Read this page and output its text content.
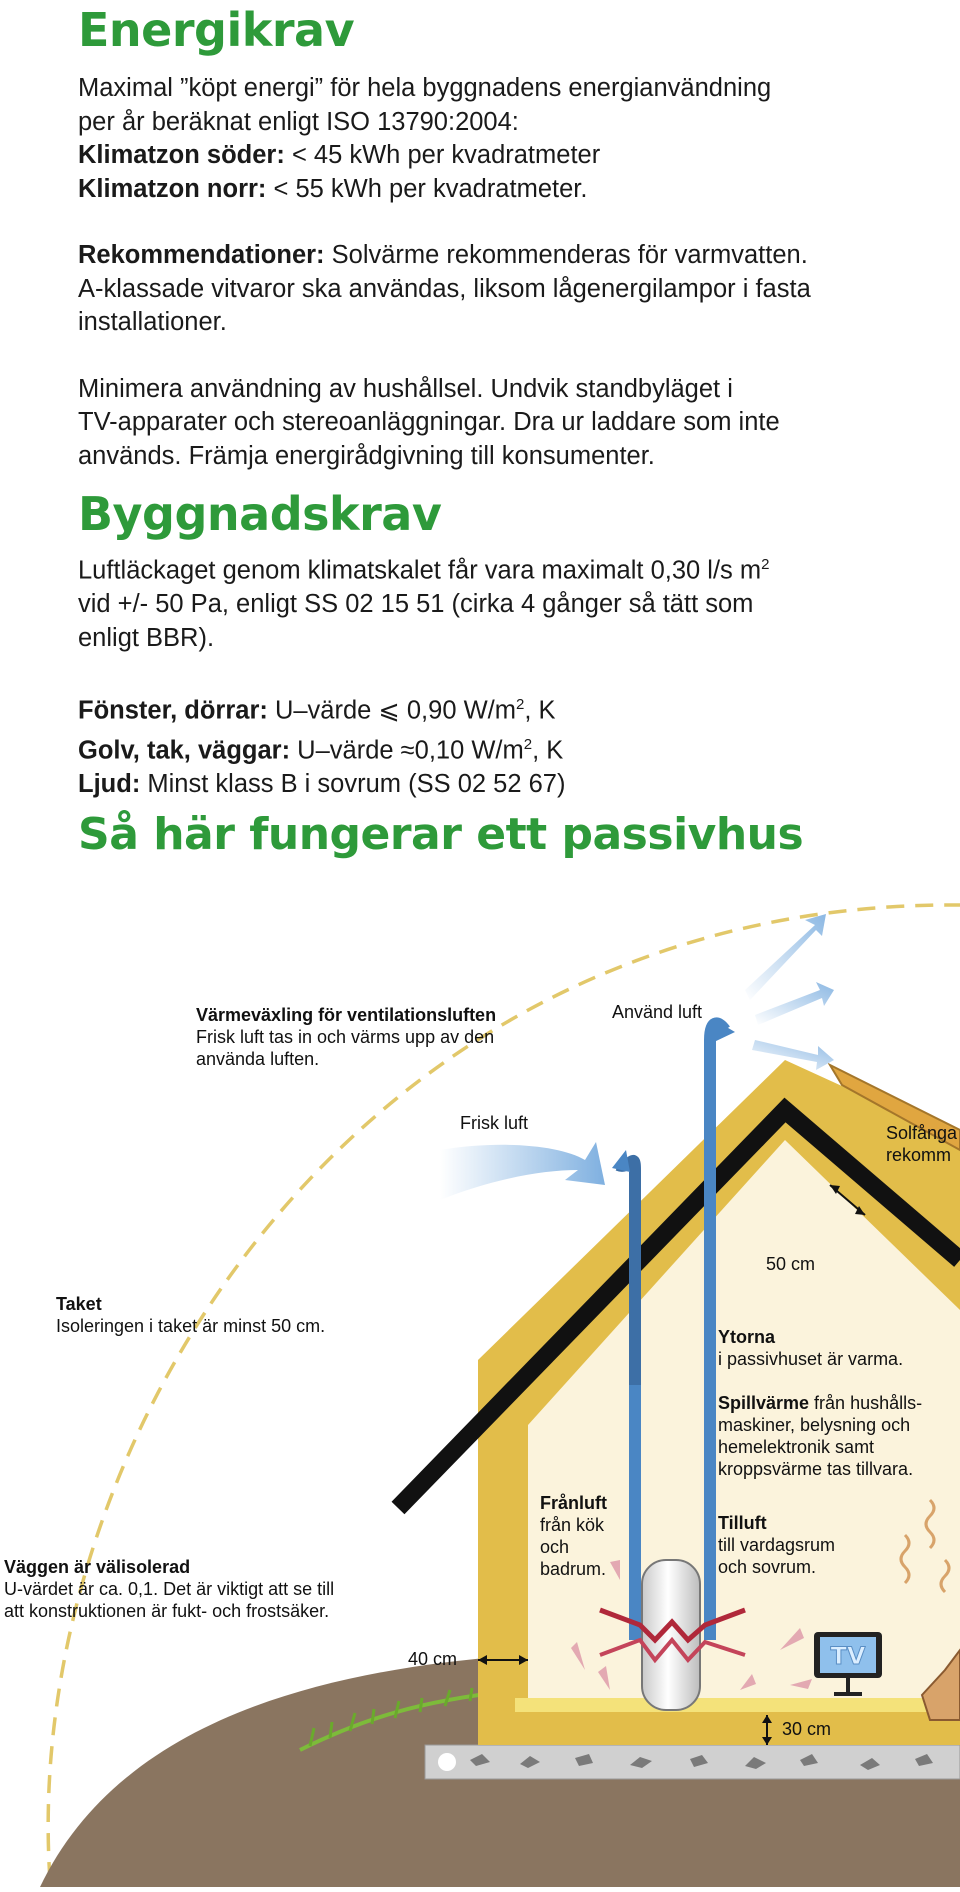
Energikrav

Maximal ”köpt energi” för hela byggnadens energianvändning
per år beräknat enligt ISO 13790:2004:
Klimatzon söder: < 45 kWh per kvadratmeter
Klimatzon norr: < 55 kWh per kvadratmeter.

Rekommendationer: Solvärme rekommenderas för varmvatten.
A-klassade vitvaror ska användas, liksom lågenergilampor i fasta
installationer.

Minimera användning av hushållsel. Undvik standbyläget i
TV-apparater och stereoanläggningar. Dra ur laddare som inte
används. Främja energirådgivning till konsumenter.

Byggnadskrav

Luftläckaget genom klimatskalet får vara maximalt 0,30 l/s $m^2$
vid +/- 50 Pa, enligt SS 02 15 51 (cirka 4 gånger så tätt som
enligt BBR).

Fönster, dörrar: U–värde ⩽ 0,90 $W/m^2$, K
Golv, tak, väggar: U–värde ≈0,10 $W/m^2$, K
Ljud: Minst klass B i sovrum (SS 02 52 67)

Så här fungerar ett passivhus
TV
Värmeväxling för ventilationsluften
Frisk luft tas in och värms upp av den
använda luften.
Använd luft
Frisk luft	Solfånga
rekomm
Taket
Isoleringen i taket är minst 50 cm.
50 cm
Ytorna
i passivhuset är varma.
Spillvärme från hushålls-
maskiner, belysning och
hemelektronik samt
kroppsvärme tas tillvara.
Frånluft
från kök
och
badrum.
Tilluft
till vardagsrum
och sovrum.
Väggen är välisolerad
U-värdet är ca. 0,1. Det är viktigt att se till
att konstruktionen är fukt- och frostsäker.
40 cm
30 cm
